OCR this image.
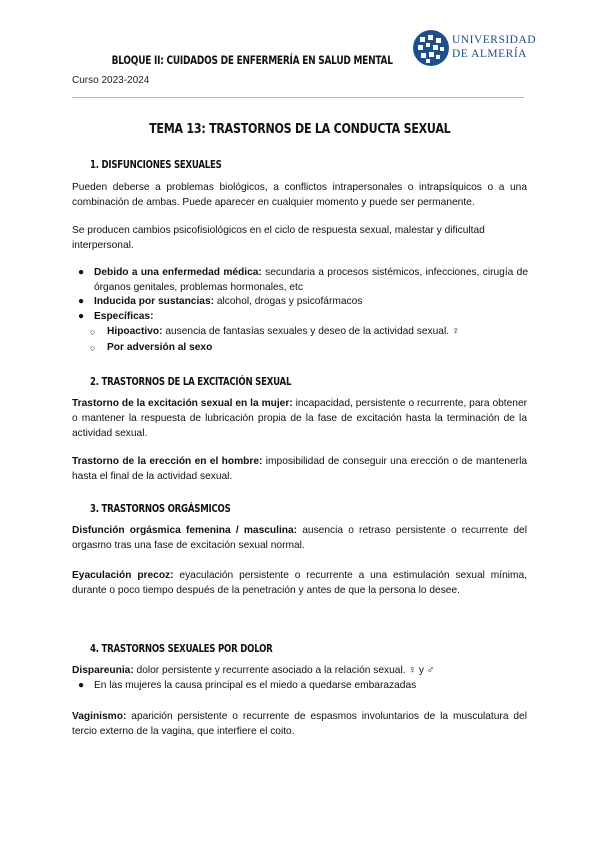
BLOQUE II: CUIDADOS DE ENFERMERÍA EN SALUD MENTAL
Curso 2023-2024
UNIVERSIDAD
DE ALMERÍA
TEMA 13: TRASTORNOS DE LA CONDUCTA SEXUAL
1. DISFUNCIONES SEXUALES
Pueden deberse a problemas biológicos, a conflictos intrapersonales o intrapsíquicos o a una combinación de ambas. Puede aparecer en cualquier momento y puede ser permanente.
Se producen cambios psicofisiológicos en el ciclo de respuesta sexual, malestar y dificultad interpersonal.
● Debido a una enfermedad médica: secundaria a procesos sistémicos, infecciones, cirugía de órganos genitales, problemas hormonales, etc
● Inducida por sustancias: alcohol, drogas y psicofármacos
● Específicas:
○ Hipoactivo: ausencia de fantasías sexuales y deseo de la actividad sexual. ♀
○ Por adversión al sexo
2. TRASTORNOS DE LA EXCITACIÓN SEXUAL
Trastorno de la excitación sexual en la mujer: incapacidad, persistente o recurrente, para obtener o mantener la respuesta de lubricación propia de la fase de excitación hasta la terminación de la actividad sexual.
Trastorno de la erección en el hombre: imposibilidad de conseguir una erección o de mantenerla hasta el final de la actividad sexual.
3. TRASTORNOS ORGÁSMICOS
Disfunción orgásmica femenina / masculina: ausencia o retraso persistente o recurrente del orgasmo tras una fase de excitación sexual normal.
Eyaculación precoz: eyaculación persistente o recurrente a una estimulación sexual mínima, durante o poco tiempo después de la penetración y antes de que la persona lo desee.
4. TRASTORNOS SEXUALES POR DOLOR
Dispareunia: dolor persistente y recurrente asociado a la relación sexual. ♀ y ♂
● En las mujeres la causa principal es el miedo a quedarse embarazadas
Vaginismo: aparición persistente o recurrente de espasmos involuntarios de la musculatura del tercio externo de la vagina, que interfiere el coito.
